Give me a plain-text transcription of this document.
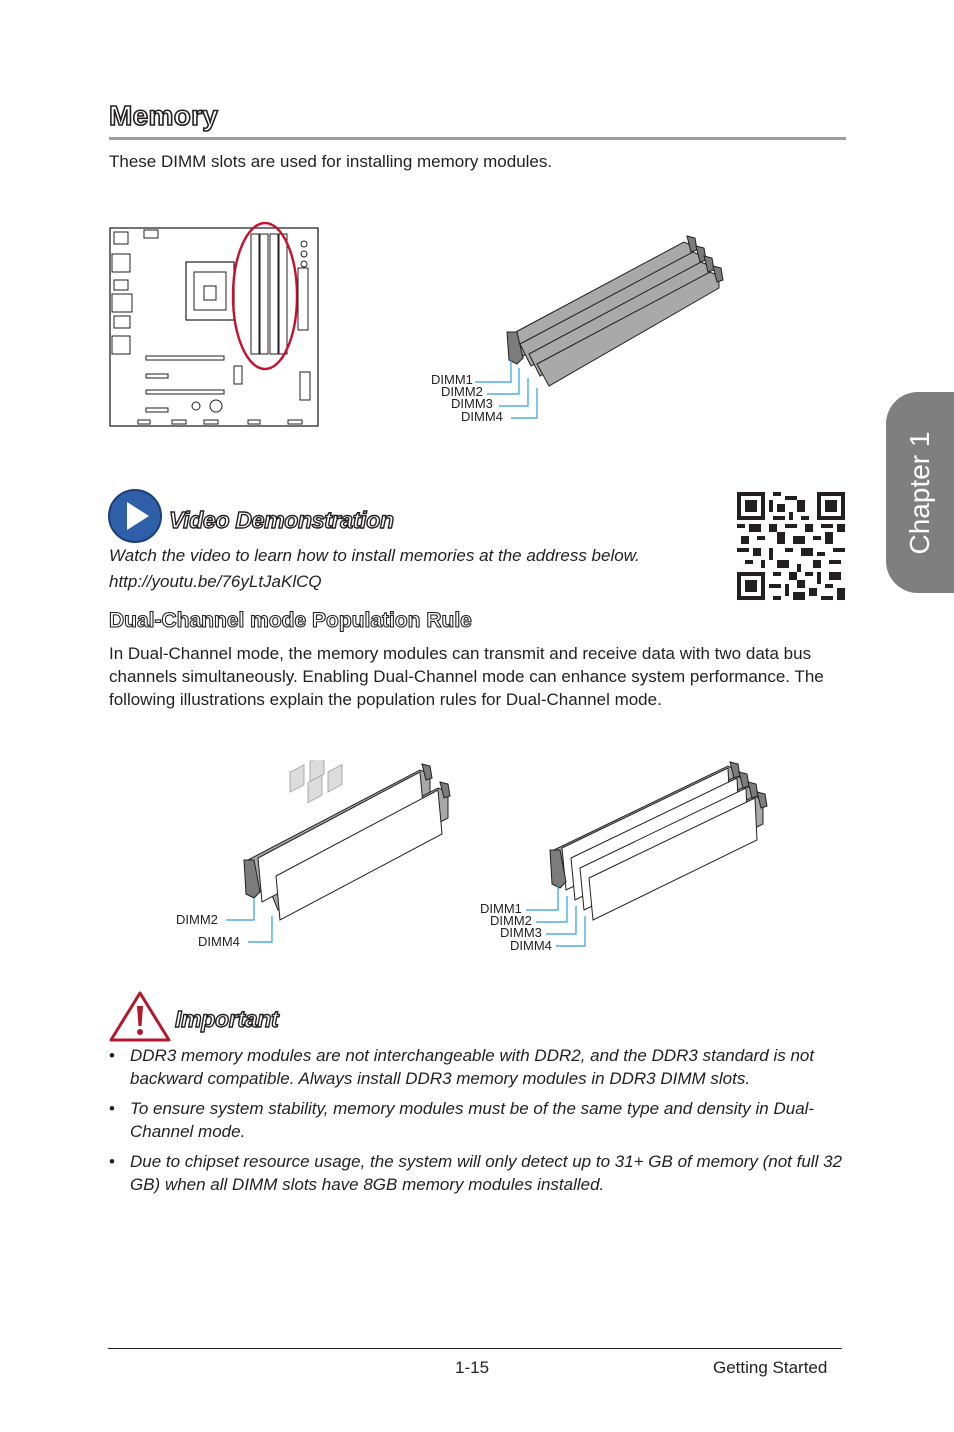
Memory
These DIMM slots are used for installing memory modules.
DIMM1
DIMM2
DIMM3
DIMM4
Video Demonstration
Watch the video to learn how to install memories at the address below.
http://youtu.be/76yLtJaKlCQ
Dual-Channel mode Population Rule

In Dual-Channel mode, the memory modules can transmit and receive data with two data bus channels simultaneously. Enabling Dual-Channel mode can enhance system performance. The following illustrations explain the population rules for Dual-Channel mode.

DIMM2
DIMM4
DIMM1
DIMM2
DIMM3
DIMM4
Important
• DDR3 memory modules are not interchangeable with DDR2, and the DDR3 standard is not backward compatible. Always install DDR3 memory modules in DDR3 DIMM slots.
• To ensure system stability, memory modules must be of the same type and density in Dual-Channel mode.
• Due to chipset resource usage, the system will only detect up to 31+ GB of memory (not full 32 GB) when all DIMM slots have 8GB memory modules installed.
Chapter 1
1-15	Getting Started
